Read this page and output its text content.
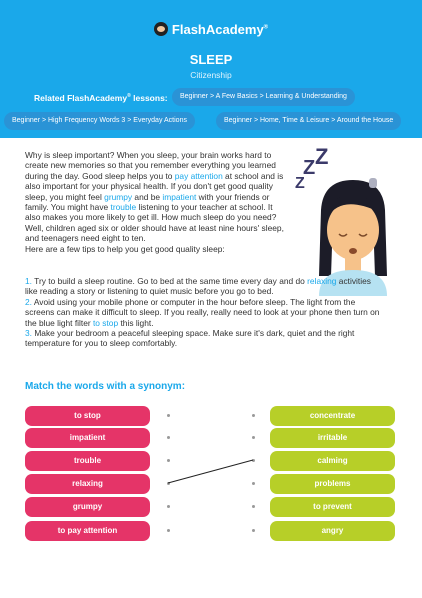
FlashAcademy®
SLEEP
Citizenship
Related FlashAcademy® lessons:	Beginner > A Few Basics > Learning & Understanding
Beginner > High Frequency Words 3 > Everyday Actions	Beginner > Home, Time & Leisure > Around the House
Why is sleep important? When you sleep, your brain works hard to create new memories so that you remember everything you learned during the day. Good sleep helps you to pay attention at school and is also important for your physical health. If you don't get good quality sleep, you might feel grumpy and be impatient with your friends or family. You might have trouble listening to your teacher at school. It also makes you more likely to get ill. How much sleep do you need? Well, children aged six or older should have at least nine hours' sleep, and teenagers need eight to ten.
Here are a few tips to help you get good quality sleep:
Z
Z Z
1. Try to build a sleep routine. Go to bed at the same time every day and do relaxing activities like reading a story or listening to quiet music before you go to bed.
2. Avoid using your mobile phone or computer in the hour before sleep. The light from the screens can make it difficult to sleep. If you really, really need to look at your phone then turn on the blue light filter to stop this light.
3. Make your bedroom a peaceful sleeping space. Make sure it's dark, quiet and the right temperature for you to sleep comfortably.
Match the words with a synonym:
to stop
impatient
trouble
relaxing
grumpy
to pay attention
concentrate
irritable
calming
problems
to prevent
angry
